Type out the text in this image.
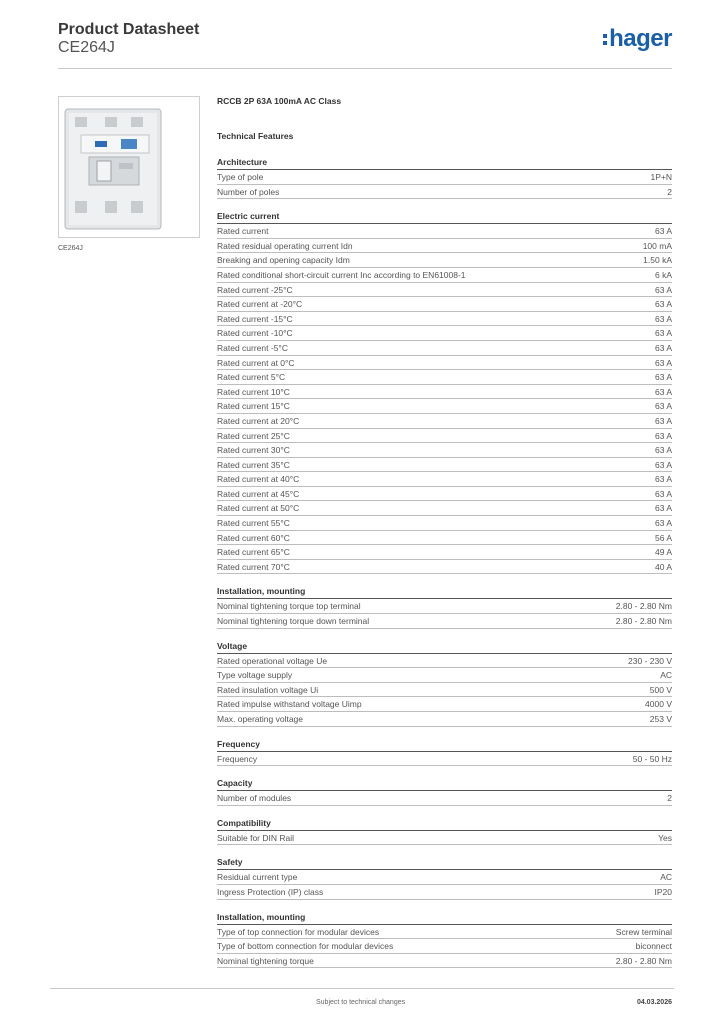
Product Datasheet
CE264J	hager
CE264J
RCCB 2P 63A 100mA AC Class
Technical Features
Architecture
Type of pole	1P+N
Number of poles	2
Electric current
Rated current	63 A
Rated residual operating current Idn	100 mA
Breaking and opening capacity Idm	1.50 kA
Rated conditional short-circuit current Inc according to EN61008-1	6 kA
Rated current -25°C	63 A
Rated current at -20°C	63 A
Rated current -15°C	63 A
Rated current -10°C	63 A
Rated current -5°C	63 A
Rated current at 0°C	63 A
Rated current 5°C	63 A
Rated current 10°C	63 A
Rated current 15°C	63 A
Rated current at 20°C	63 A
Rated current 25°C	63 A
Rated current 30°C	63 A
Rated current 35°C	63 A
Rated current at 40°C	63 A
Rated current at 45°C	63 A
Rated current at 50°C	63 A
Rated current 55°C	63 A
Rated current 60°C	56 A
Rated current 65°C	49 A
Rated current 70°C	40 A
Installation, mounting
Nominal tightening torque top terminal	2.80 - 2.80 Nm
Nominal tightening torque down terminal	2.80 - 2.80 Nm
Voltage
Rated operational voltage Ue	230 - 230 V
Type voltage supply	AC
Rated insulation voltage Ui	500 V
Rated impulse withstand voltage Uimp	4000 V
Max. operating voltage	253 V
Frequency
Frequency	50 - 50 Hz
Capacity
Number of modules	2
Compatibility
Suitable for DIN Rail	Yes
Safety
Residual current type	AC
Ingress Protection (IP) class	IP20
Installation, mounting
Type of top connection for modular devices	Screw terminal
Type of bottom connection for modular devices	biconnect
Nominal tightening torque	2.80 - 2.80 Nm
Subject to technical changes	04.03.2026
